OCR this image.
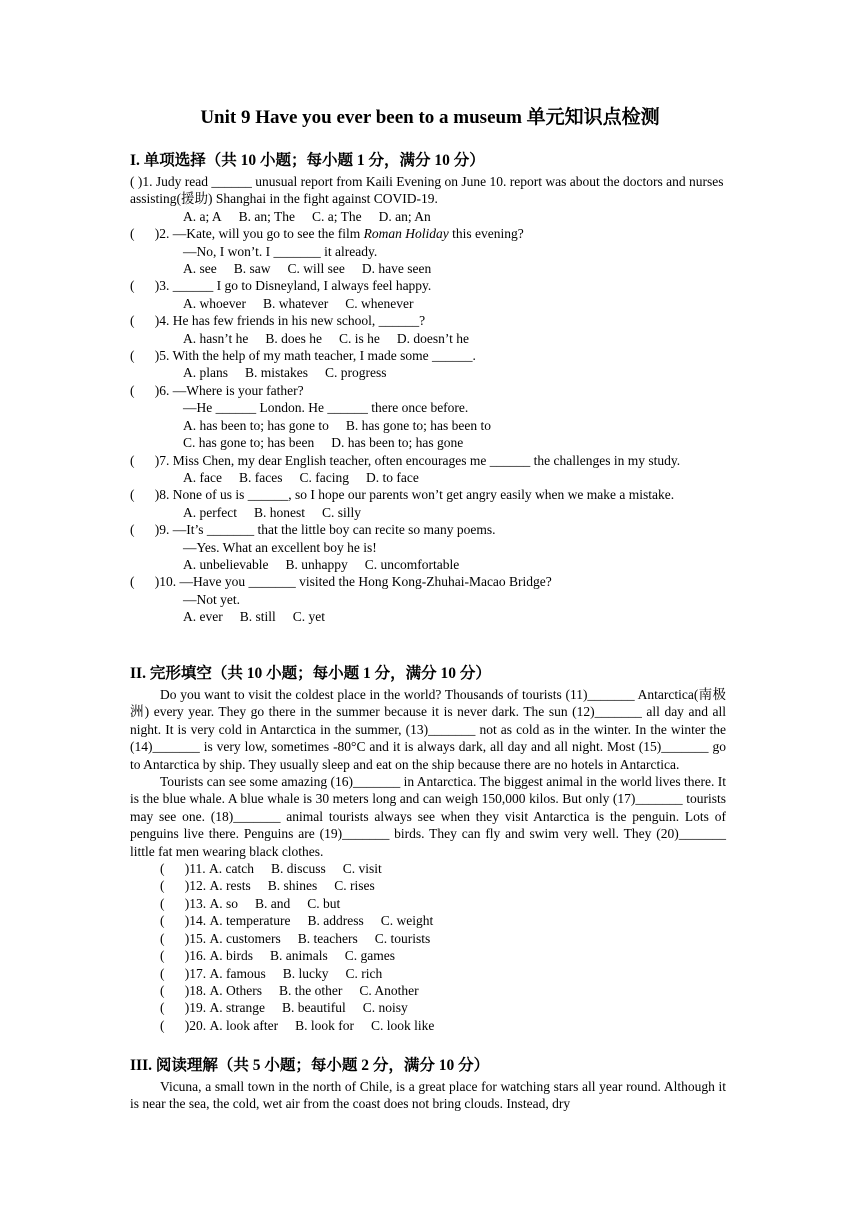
Unit 9 Have you ever been to a museum 单元知识点检测
I. 单项选择（共 10 小题；每小题 1 分，满分 10 分）

( )1. Judy read ______ unusual report from Kaili Evening on June 10. report was about the doctors and nurses assisting(援助) Shanghai in the fight against COVID-19.

A. a; A B. an; The C. a; The D. an; An

(      )2. —Kate, will you go to see the film Roman Holiday this evening?

—No, I won’t. I _______ it already.

A. see B. saw C. will see D. have seen

(      )3. ______ I go to Disneyland, I always feel happy.

A. whoever B. whatever C. whenever

(      )4. He has few friends in his new school, ______?

A. hasn’t he B. does he C. is he D. doesn’t he

(      )5. With the help of my math teacher, I made some ______.

A. plans B. mistakes C. progress

(      )6. —Where is your father?

—He ______ London. He ______ there once before.

A. has been to; has gone to B. has gone to; has been to

C. has gone to; has been D. has been to; has gone

(      )7. Miss Chen, my dear English teacher, often encourages me ______ the challenges in my study.

A. face B. faces C. facing D. to face

(      )8. None of us is ______, so I hope our parents won’t get angry easily when we make a mistake.

A. perfect B. honest C. silly

(      )9. —It’s _______ that the little boy can recite so many poems.

—Yes. What an excellent boy he is!

A. unbelievable B. unhappy C. uncomfortable

(      )10. —Have you _______ visited the Hong Kong-Zhuhai-Macao Bridge?

—Not yet.

A. ever B. still C. yet

II. 完形填空（共 10 小题；每小题 1 分，满分 10 分）

Do you want to visit the coldest place in the world? Thousands of tourists (11)_______ Antarctica(南极洲) every year. They go there in the summer because it is never dark. The sun (12)_______ all day and all night. It is very cold in Antarctica in the summer, (13)_______ not as cold as in the winter. In the winter the (14)_______ is very low, sometimes -80°C and it is always dark, all day and all night. Most (15)_______ go to Antarctica by ship. They usually sleep and eat on the ship because there are no hotels in Antarctica.

Tourists can see some amazing (16)_______ in Antarctica. The biggest animal in the world lives there. It is the blue whale. A blue whale is 30 meters long and can weigh 150,000 kilos. But only (17)_______ tourists may see one. (18)_______ animal tourists always see when they visit Antarctica is the penguin. Lots of penguins live there. Penguins are (19)_______ birds. They can fly and swim very well. They (20)_______ little fat men wearing black clothes.

(      )11. A. catch B. discuss C. visit

(      )12. A. rests B. shines C. rises

(      )13. A. so B. and C. but

(      )14. A. temperature B. address C. weight

(      )15. A. customers B. teachers C. tourists

(      )16. A. birds B. animals C. games

(      )17. A. famous B. lucky C. rich

(      )18. A. Others B. the other C. Another

(      )19. A. strange B. beautiful C. noisy

(      )20. A. look after B. look for C. look like

III. 阅读理解（共 5 小题；每小题 2 分，满分 10 分）

Vicuna, a small town in the north of Chile, is a great place for watching stars all year round. Although it is near the sea, the cold, wet air from the coast does not bring clouds. Instead, dry
